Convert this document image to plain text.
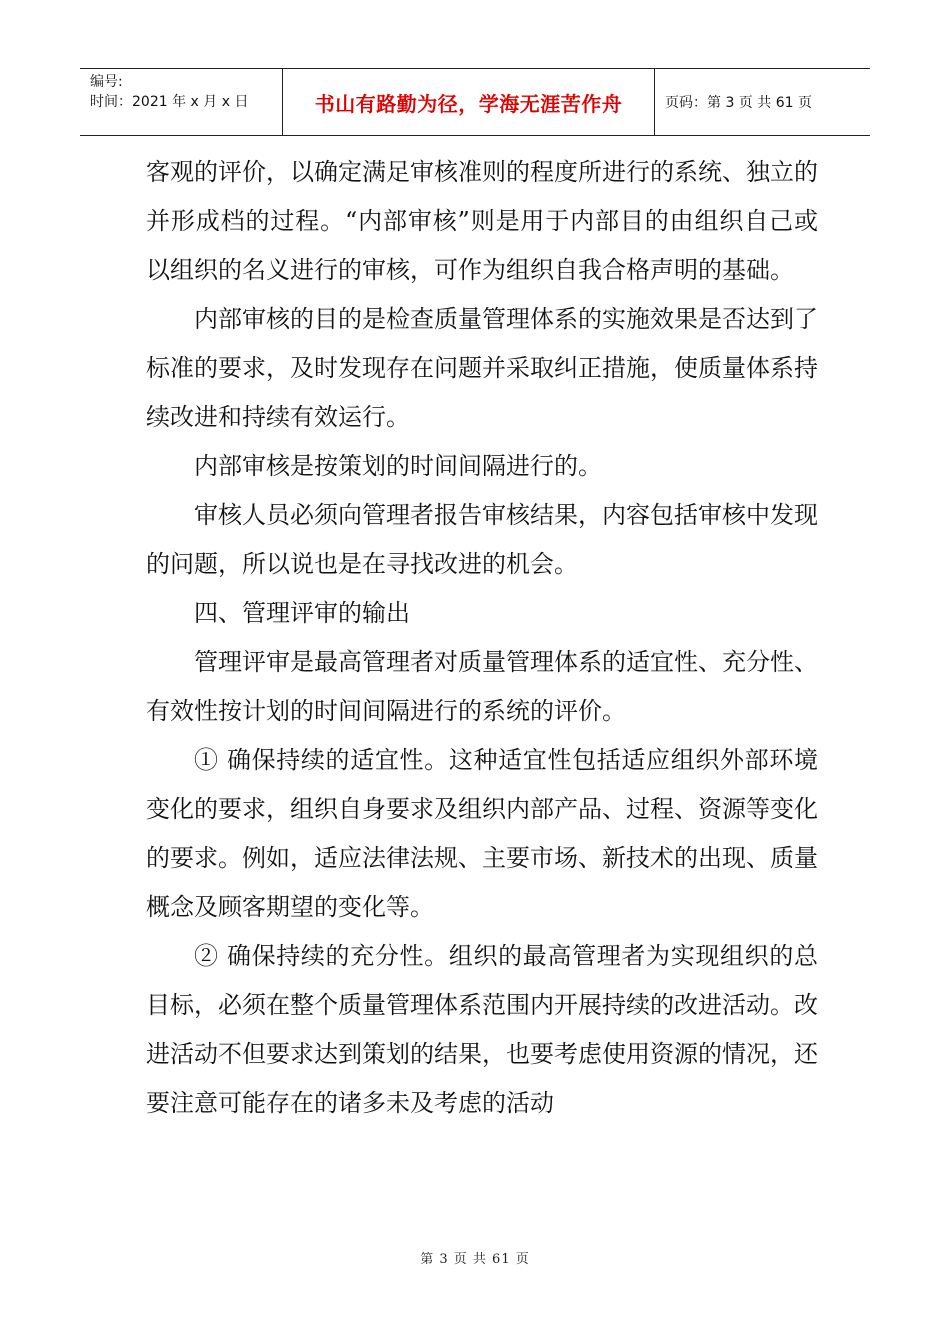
编号:
时间：2021 年 x 月 x 日	书山有路勤为径，学海无涯苦作舟	页码：第 3 页 共 61 页

客观的评价，以确定满足审核准则的程度所进行的系统、独立的并形成档的过程。“内部审核”则是用于内部目的由组织自己或以组织的名义进行的审核，可作为组织自我合格声明的基础。

内部审核的目的是检查质量管理体系的实施效果是否达到了标准的要求，及时发现存在问题并采取纠正措施，使质量体系持续改进和持续有效运行。

内部审核是按策划的时间间隔进行的。

审核人员必须向管理者报告审核结果，内容包括审核中发现的问题，所以说也是在寻找改进的机会。

四、管理评审的输出

管理评审是最高管理者对质量管理体系的适宜性、充分性、有效性按计划的时间间隔进行的系统的评价。

① 确保持续的适宜性。这种适宜性包括适应组织外部环境变化的要求，组织自身要求及组织内部产品、过程、资源等变化的要求。例如，适应法律法规、主要市场、新技术的出现、质量概念及顾客期望的变化等。

② 确保持续的充分性。组织的最高管理者为实现组织的总目标，必须在整个质量管理体系范围内开展持续的改进活动。改进活动不但要求达到策划的结果，也要考虑使用资源的情况，还要注意可能存在的诸多未及考虑的活动

第 3 页 共 61 页
